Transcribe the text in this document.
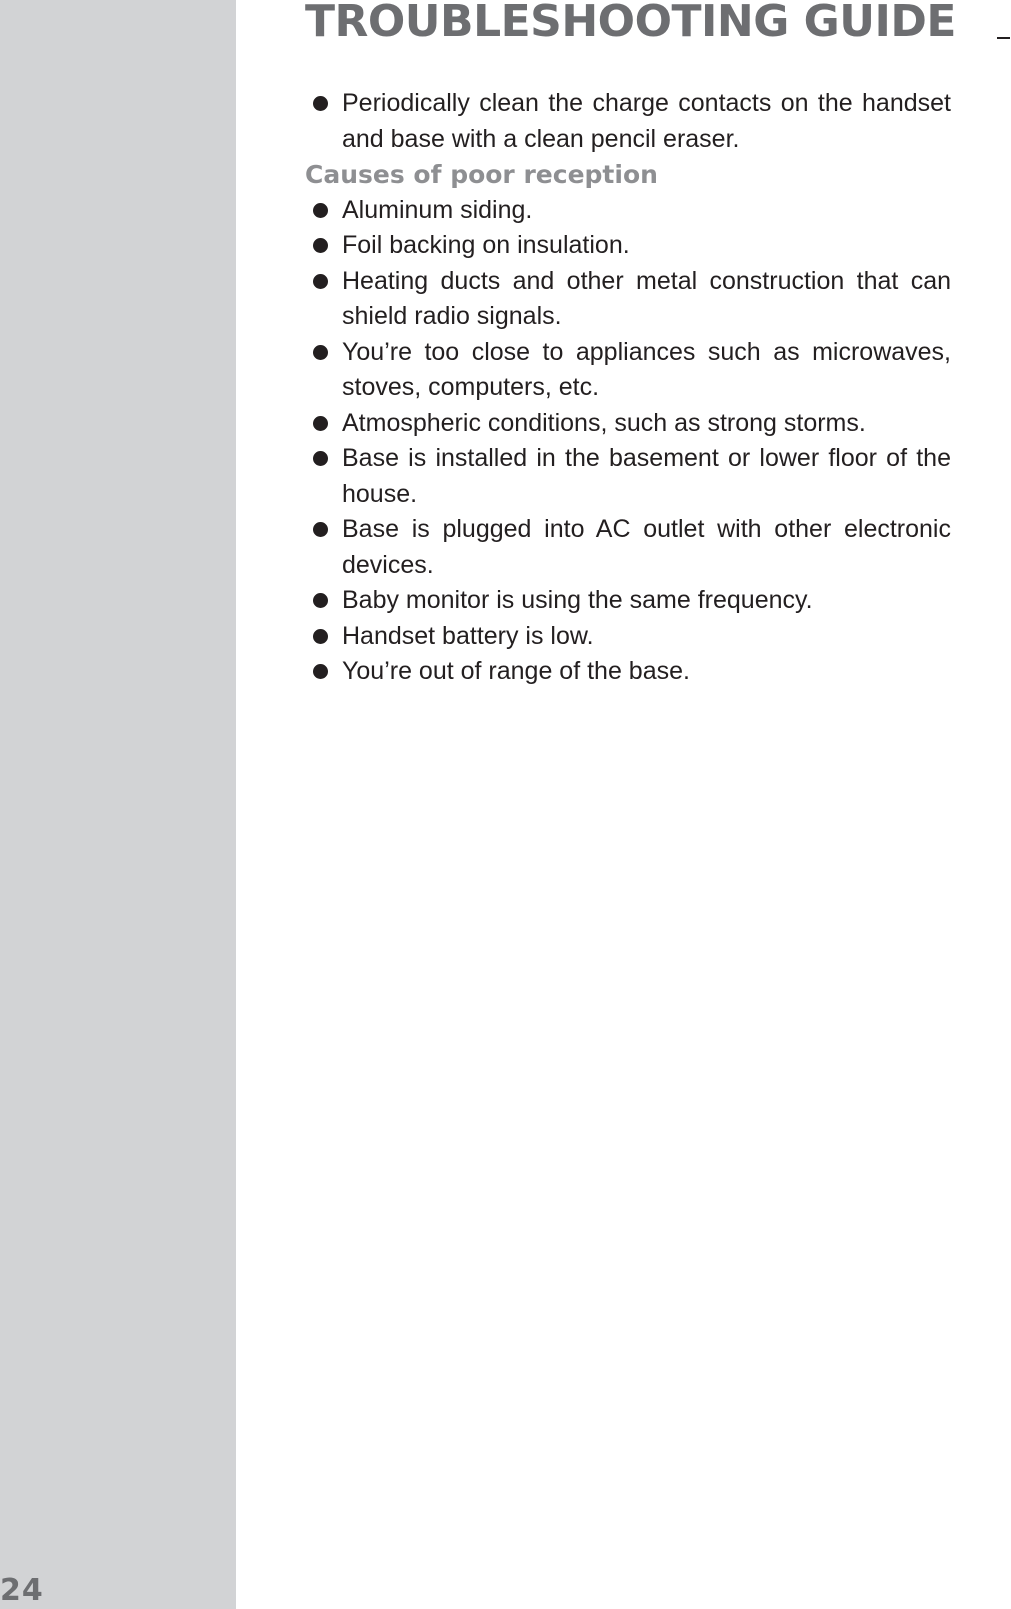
TROUBLESHOOTING GUIDE
Periodically clean the charge contacts on the handset and base with a clean pencil eraser.
Causes of poor reception
Aluminum siding.
Foil backing on insulation.
Heating ducts and other metal construction that can shield radio signals.
You’re too close to appliances such as microwaves, stoves, computers, etc.
Atmospheric conditions, such as strong storms.
Base is installed in the basement or lower floor of the house.
Base is plugged into AC outlet with other electronic devices.
Baby monitor is using the same frequency.
Handset battery is low.
You’re out of range of the base.
24
